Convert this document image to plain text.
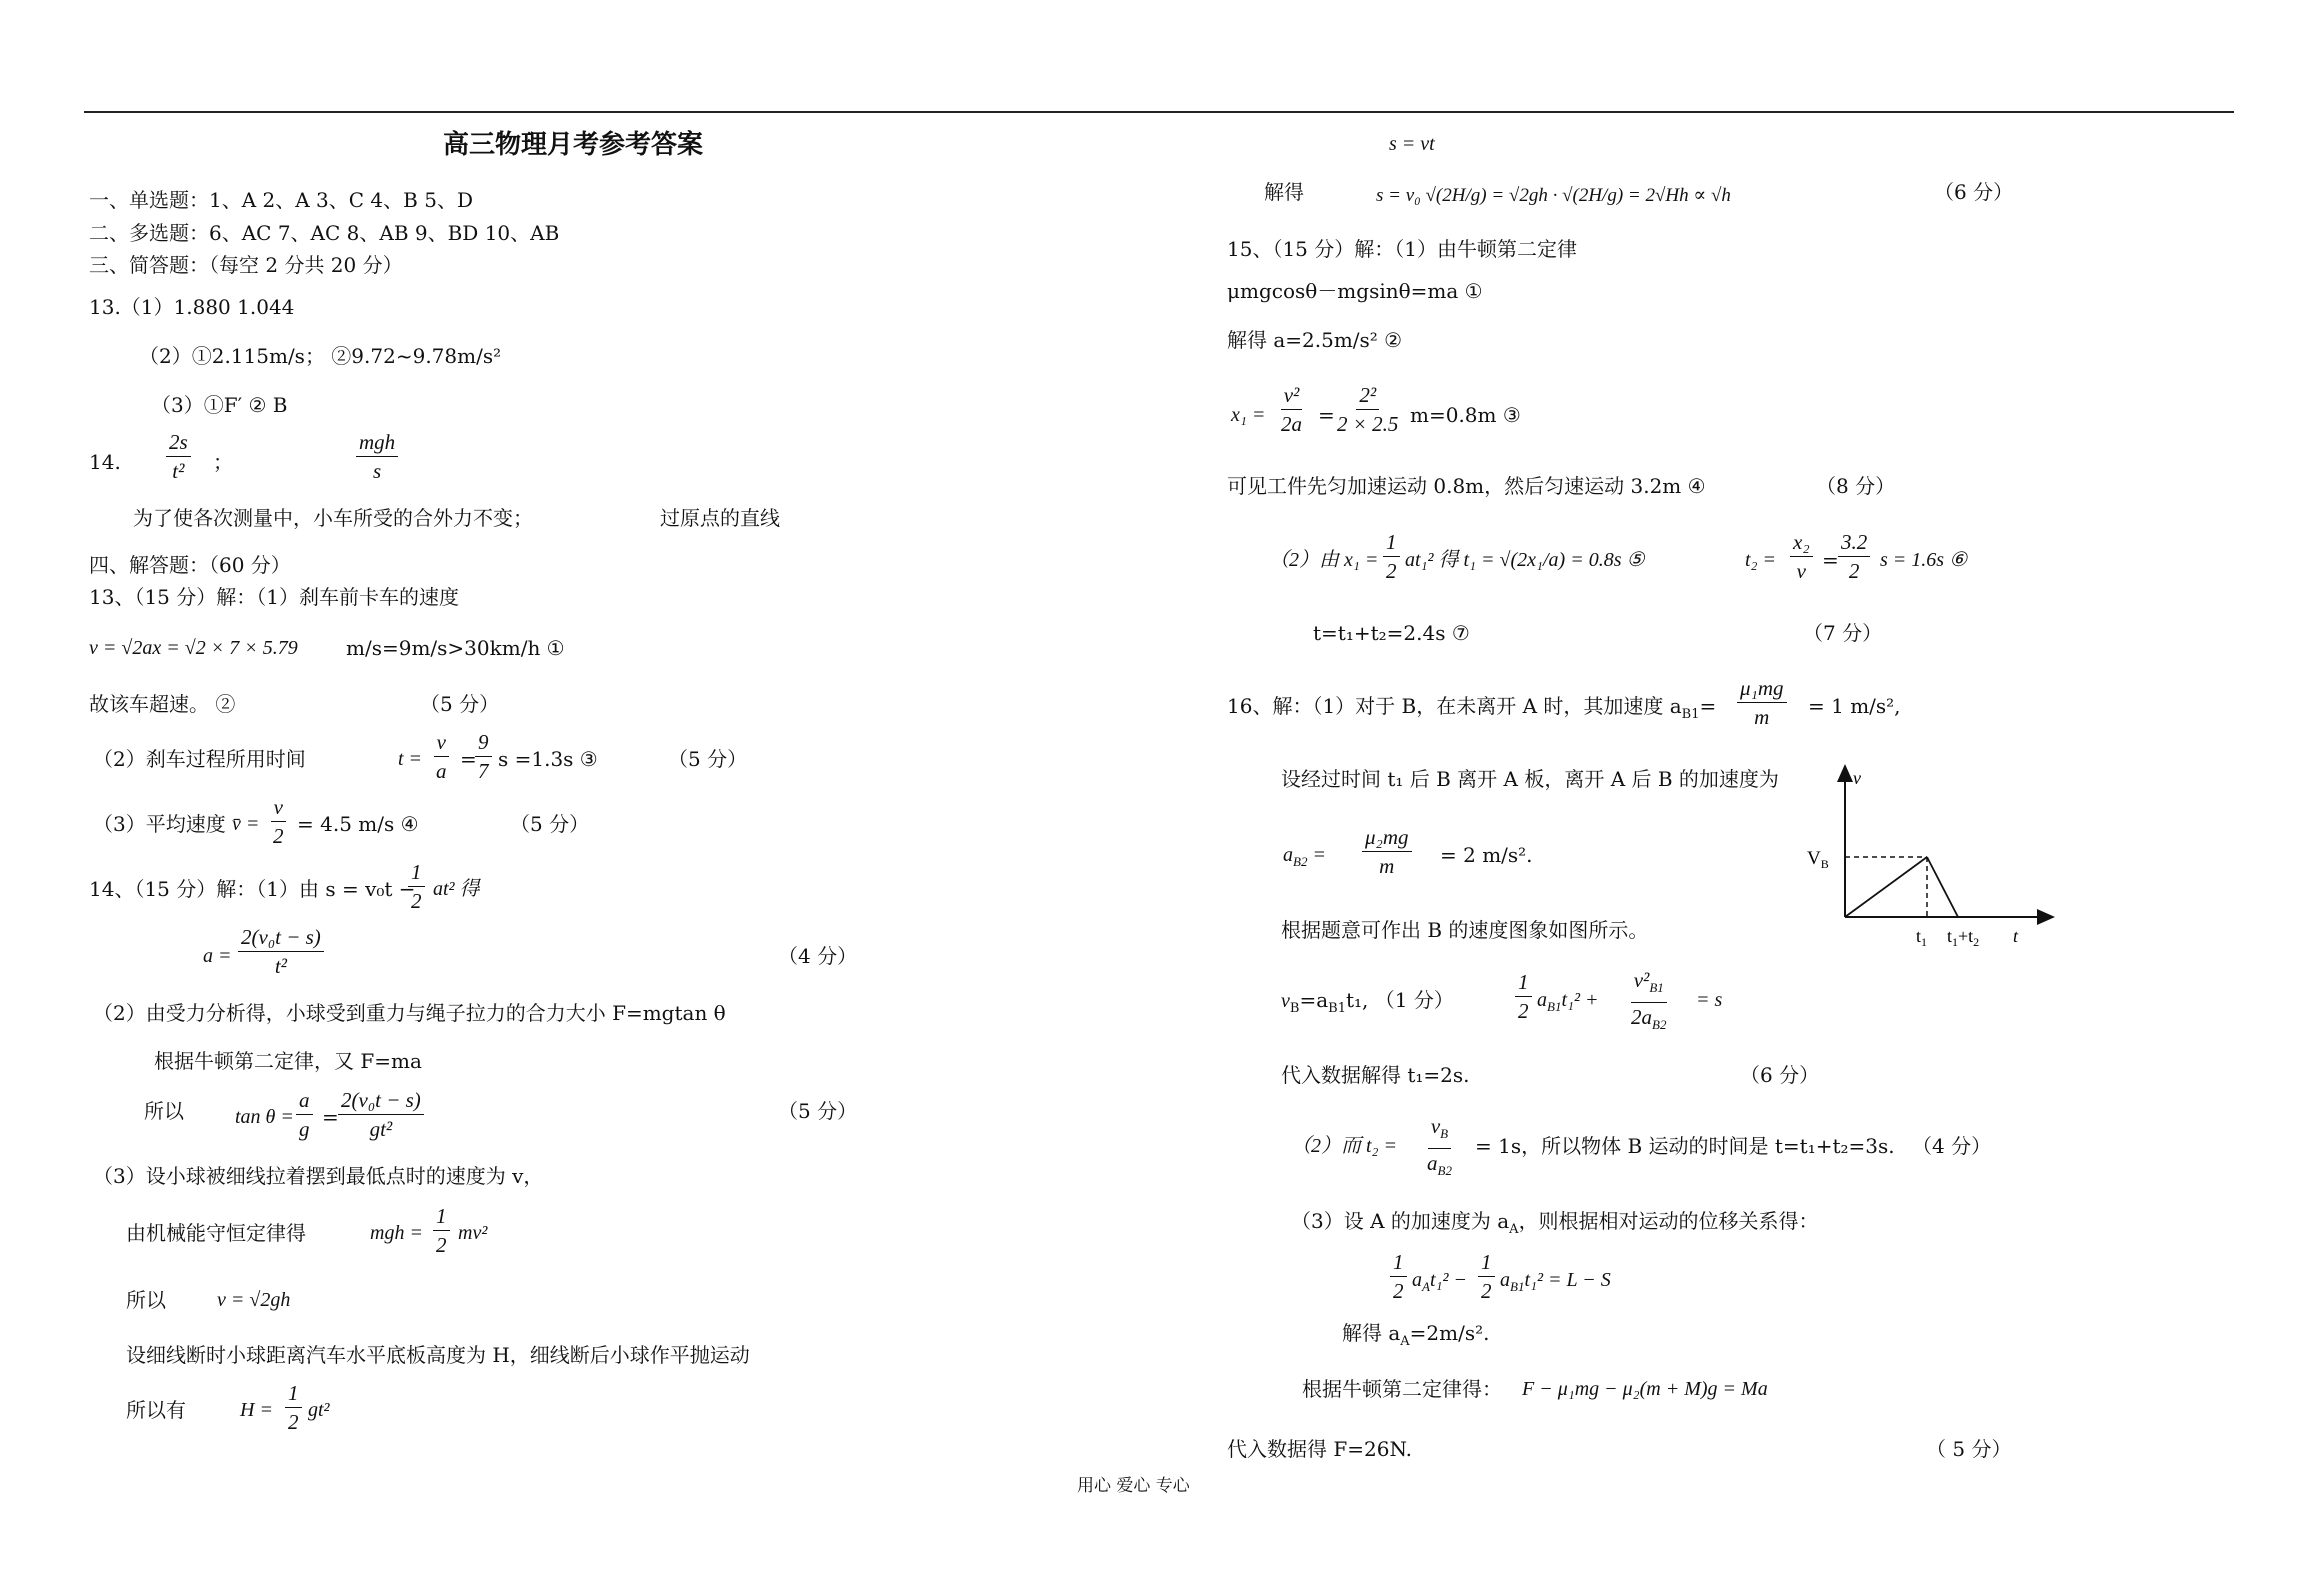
高三物理月考参考答案
一、单选题：1、A 2、A 3、C 4、B 5、D
二、多选题：6、AC 7、AC 8、AB 9、BD 10、AB
三、简答题：（每空 2 分共 20 分）
13.（1）1.880 1.044
（2）①2.115m/s； ②9.72~9.78m/s²
（3）①F′ ② B
14. $\frac{2s}{\text{t²}}$ ；
mgh
s
为了使各次测量中，小车所受的合外力不变；	过原点的直线
四、解答题：（60 分）
13、（15 分）解：（1）刹车前卡车的速度
v = √2ax = √2 × 7 × 5.79 m/s=9m/s>30km/h ①
故该车超速。 ②	（5 分）
（2）刹车过程所用时间	$t = \frac{v}{a}$ =
$\frac{9}{7}$ s =1.3s ③	（5 分）
（3）平均速度 v̄ = $\frac{v}{2} = 4.5$ m/s ④	（5 分）
14、（15 分）解：（1）由 s = v₀t −
$\frac{1}{2} at^2$ 得
$a = \frac{\text{2(v₀t − s)}}{\text{t²}}$	（4 分）
（2）由受力分析得，小球受到重力与绳子拉力的合力大小 F=mgtan θ
根据牛顿第二定律，又 F=ma
所以	$\tan \theta = \frac{a}{g} = \frac{\text{2(v₀t − s)}}{\text{gt²}}$	（5 分）
（3）设小球被细线拉着摆到最低点时的速度为 v，
由机械能守恒定律得	mgh = $\frac{1}{2} mv^2$
所以	v = √2gh
设细线断时小球距离汽车水平底板高度为 H，细线断后小球作平抛运动
所以有	$H = \frac{1}{2} gt^2$
s = vt
解得	s = v₀ √(2H/g) = √2gh · √(2H/g) = 2√Hh ∝ √h	（6 分）
15、（15 分）解：（1）由牛顿第二定律
μmgcosθ－mgsinθ=ma ①
解得 a=2.5m/s² ②
$x_1 = \frac{\text{v²}}{2a} = \frac{\text{2²}}{2 \times 2.5} m=0.8m$ ③
可见工件先匀加速运动 0.8m，然后匀速运动 3.2m ④	（8 分）
（2）由 $x_1 = \frac{1}{2} at_1^2$ 得 t₁ = √(2x₁/a) = 0.8s ⑤	$t_2 = \frac{\text{x₂}}{v} = \frac{3.2}{2}$ s = 1.6s ⑥
t=t₁+t₂=2.4s ⑦	（7 分）
16、解：（1）对于 B，在未离开 A 时，其加速度 $a_{B1}= \frac{\text{μ₁mg}}{m} = 1$ m/s²,
设经过时间 t₁ 后 B 离开 A 板，离开 A 后 B 的加速度为
$a_{B2} = \frac{\text{μ₂mg}}{m} = 2$ m/s².
根据题意可作出 B 的速度图象如图所示。
$v_B=a_{B1}t_1$, （1 分）	$\frac{1}{2} a_{B1}t_1^2 + \frac{v^2_{B1}}{2a_{B2}} = s$
代入数据解得 t₁=2s.	（6 分）
（2）而 $t_2 = \frac{v_B}{a_{B2}} = 1s$，所以物体 B 运动的时间是 t=t₁+t₂=3s. （4 分）
（3）设 A 的加速度为 $a_A$，则根据相对运动的位移关系得：
$\frac{1}{2} a_At_1^2 - \frac{1}{2} a_{B1}t_1^2 = L - S$
解得 $a_A=2m/s^2$.
根据牛顿第二定律得： F − μ₁mg − μ₂(m + M)g = Ma
代入数据得 F=26N.	（ 5 分）
v
$V_B$
$t_1$ $t_1+t_2$ t
用心 爱心 专心
